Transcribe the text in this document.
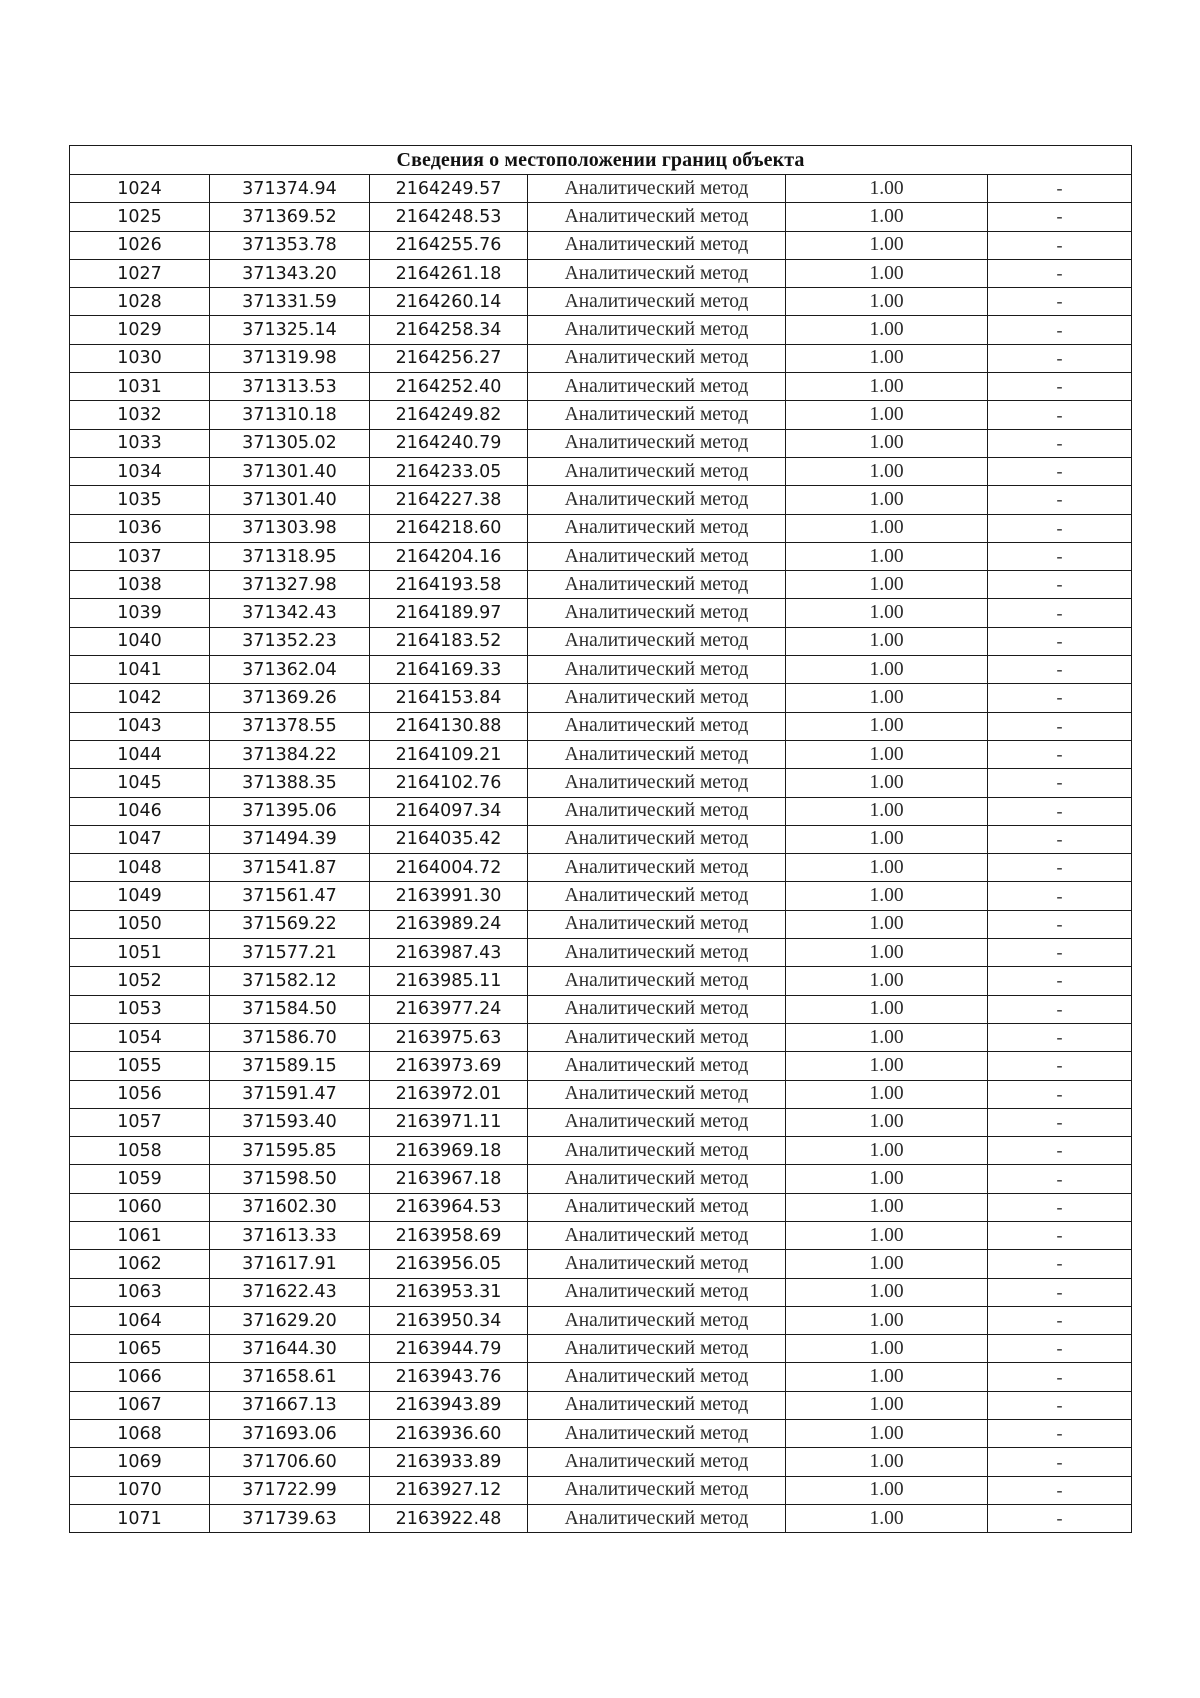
Сведения о местоположении границ объекта					
1024	371374.94	2164249.57	Аналитический метод	1.00	-
1025	371369.52	2164248.53	Аналитический метод	1.00	-
1026	371353.78	2164255.76	Аналитический метод	1.00	-
1027	371343.20	2164261.18	Аналитический метод	1.00	-
1028	371331.59	2164260.14	Аналитический метод	1.00	-
1029	371325.14	2164258.34	Аналитический метод	1.00	-
1030	371319.98	2164256.27	Аналитический метод	1.00	-
1031	371313.53	2164252.40	Аналитический метод	1.00	-
1032	371310.18	2164249.82	Аналитический метод	1.00	-
1033	371305.02	2164240.79	Аналитический метод	1.00	-
1034	371301.40	2164233.05	Аналитический метод	1.00	-
1035	371301.40	2164227.38	Аналитический метод	1.00	-
1036	371303.98	2164218.60	Аналитический метод	1.00	-
1037	371318.95	2164204.16	Аналитический метод	1.00	-
1038	371327.98	2164193.58	Аналитический метод	1.00	-
1039	371342.43	2164189.97	Аналитический метод	1.00	-
1040	371352.23	2164183.52	Аналитический метод	1.00	-
1041	371362.04	2164169.33	Аналитический метод	1.00	-
1042	371369.26	2164153.84	Аналитический метод	1.00	-
1043	371378.55	2164130.88	Аналитический метод	1.00	-
1044	371384.22	2164109.21	Аналитический метод	1.00	-
1045	371388.35	2164102.76	Аналитический метод	1.00	-
1046	371395.06	2164097.34	Аналитический метод	1.00	-
1047	371494.39	2164035.42	Аналитический метод	1.00	-
1048	371541.87	2164004.72	Аналитический метод	1.00	-
1049	371561.47	2163991.30	Аналитический метод	1.00	-
1050	371569.22	2163989.24	Аналитический метод	1.00	-
1051	371577.21	2163987.43	Аналитический метод	1.00	-
1052	371582.12	2163985.11	Аналитический метод	1.00	-
1053	371584.50	2163977.24	Аналитический метод	1.00	-
1054	371586.70	2163975.63	Аналитический метод	1.00	-
1055	371589.15	2163973.69	Аналитический метод	1.00	-
1056	371591.47	2163972.01	Аналитический метод	1.00	-
1057	371593.40	2163971.11	Аналитический метод	1.00	-
1058	371595.85	2163969.18	Аналитический метод	1.00	-
1059	371598.50	2163967.18	Аналитический метод	1.00	-
1060	371602.30	2163964.53	Аналитический метод	1.00	-
1061	371613.33	2163958.69	Аналитический метод	1.00	-
1062	371617.91	2163956.05	Аналитический метод	1.00	-
1063	371622.43	2163953.31	Аналитический метод	1.00	-
1064	371629.20	2163950.34	Аналитический метод	1.00	-
1065	371644.30	2163944.79	Аналитический метод	1.00	-
1066	371658.61	2163943.76	Аналитический метод	1.00	-
1067	371667.13	2163943.89	Аналитический метод	1.00	-
1068	371693.06	2163936.60	Аналитический метод	1.00	-
1069	371706.60	2163933.89	Аналитический метод	1.00	-
1070	371722.99	2163927.12	Аналитический метод	1.00	-
1071	371739.63	2163922.48	Аналитический метод	1.00	-
